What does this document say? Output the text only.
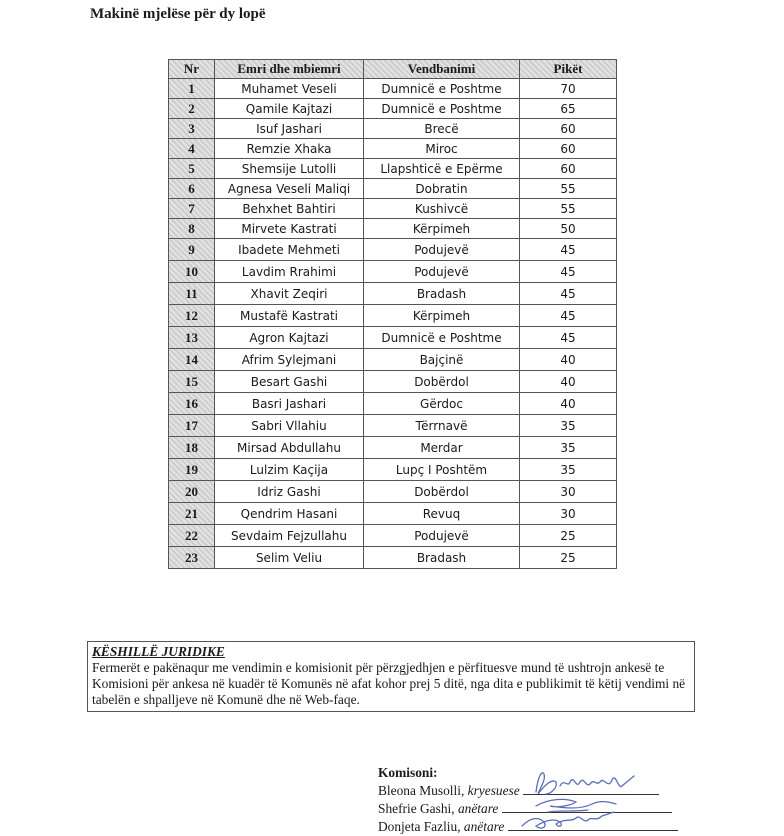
Makinë mjelëse për dy lopë
Nr	Emri dhe mbiemri	Vendbanimi	Pikët
1	Muhamet Veseli	Dumnicë e Poshtme	70
2	Qamile Kajtazi	Dumnicë e Poshtme	65
3	Isuf Jashari	Brecë	60
4	Remzie Xhaka	Miroc	60
5	Shemsije Lutolli	Llapshticë e Epërme	60
6	Agnesa Veseli Maliqi	Dobratin	55
7	Behxhet Bahtiri	Kushivcë	55
8	Mirvete Kastrati	Kërpimeh	50
9	Ibadete Mehmeti	Podujevë	45
10	Lavdim Rrahimi	Podujevë	45
11	Xhavit Zeqiri	Bradash	45
12	Mustafë Kastrati	Kërpimeh	45
13	Agron Kajtazi	Dumnicë e Poshtme	45
14	Afrim Sylejmani	Bajçinë	40
15	Besart Gashi	Dobërdol	40
16	Basri Jashari	Gërdoc	40
17	Sabri Vllahiu	Tërrnavë	35
18	Mirsad Abdullahu	Merdar	35
19	Lulzim Kaçija	Lupç I Poshtëm	35
20	Idriz Gashi	Dobërdol	30
21	Qendrim Hasani	Revuq	30
22	Sevdaim Fejzullahu	Podujevë	25
23	Selim Veliu	Bradash	25
KËSHILLË JURIDIKE
Fermerët e pakënaqur me vendimin e komisionit për përzgjedhjen e përfituesve mund të ushtrojn ankesë te Komisioni për ankesa në kuadër të Komunës në afat kohor prej 5 ditë, nga dita e publikimit të këtij vendimi në tabelën e shpalljeve në Komunë dhe në Web-faqe.
Komisoni:
Bleona Musolli, kryesuese
Shefrie Gashi, anëtare
Donjeta Fazliu, anëtare
